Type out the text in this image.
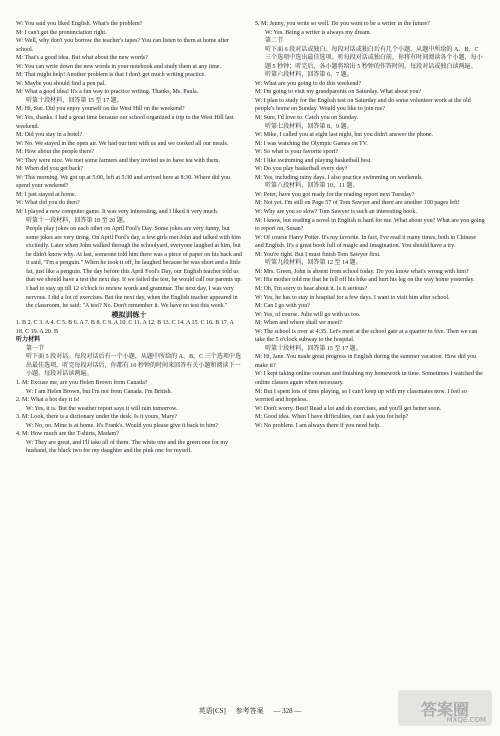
W: You said you liked English. What's the problem?

M: I can't get the pronunciation right.

W: Well, why don't you borrow the teacher's tapes? You can listen to them at home after school.

M: That's a good idea. But what about the new words?

W: You can write down the new words in your notebook and study them at any time.

M: That might help! Another problem is that I don't get much writing practice.

W: Maybe you should find a pen pal.

M: What a good idea! It's a fun way to practice writing. Thanks, Ms. Paula.

听第十段材料，回答第 15 至 17 题。

M: Hi, Sue. Did you enjoy yourself on the West Hill on the weekend?

W: Yes, thanks. I had a great time because our school organized a trip to the West Hill last weekend.

M: Did you stay in a hotel?

W: No. We stayed in the open air. We had our tent with us and we cooked all our meals.

M: How about the people there?

W: They were nice. We met some farmers and they invited us to have tea with them.

M: When did you get back?

W: This morning. We got up at 5:00, left at 5:30 and arrived here at 8:30. Where did you spend your weekend?

M: I just stayed at home.

W: What did you do then?

M: I played a new computer game. It was very interesting, and I liked it very much.

听第十一段材料，回答第 18 至 20 题。

People play jokes on each other on April Fool's Day. Some jokes are very funny, but some jokes are very tiring. On April Fool's day, a few girls met John and talked with him excitedly. Later when John walked through the schoolyard, everyone laughed at him, but he didn't know why. At last, someone told him there was a piece of paper on his back and it said, "I'm a penguin." When he took it off, he laughed because he was short and a little fat, just like a penguin. The day before this April Fool's Day, our English teacher told us that we should have a test the next day. If we failed the test, he would call our parents up. I had to stay up till 12 o'clock to review words and grammar. The next day, I was very nervous. I did a lot of exercises. But the next day, when the English teacher appeared in the classroom, he said: "A test? No. Don't remember it. We have no test this week."

模拟训练十

1. B 2. C 3. A 4. C 5. B 6. A 7. B 8. C 9. A 10. C 11. A 12. B 13. C 14. A 15. C 16. B 17. A 18. C 19. A 20. B

听力材料

第一节

听下面 5 段对话。每段对话后有一个小题，从题中所给的 A、B、C 三个选项中选出最佳选项。听完每段对话后，你都有 10 秒钟的时间来回答有关小题和阅读下一小题。每段对话读两遍。

1. M: Excuse me, are you Helen Brown from Canada?

W: I am Helen Brown, but I'm not from Canada. I'm British.

2. M: What a hot day it is!

W: Yes, it is. But the weather report says it will rain tomorrow.

3. M: Look, there is a dictionary under the desk. Is it yours, Mary?

W: No, no. Mine is at home. It's Frank's. Would you please give it back to him?

4. M: How much are the T-shirts, Madam?

W: They are great, and I'll take all of them. The white one and the green one for my husband, the black two for my daughter and the pink one for myself.

5. M: Jenny, you write so well. Do you want to be a writer in the future?

W: Yes. Being a writer is always my dream.

第二节

听下面 6 段对话或独白。每段对话或独白后有几个小题，从题中所给的 A、B、C 三个选项中选出最佳选项。听每段对话或独白前，你将有时间阅读各个小题，每小题 5 秒钟；听完后，各小题将给出 5 秒钟的作答时间。每段对话或独白读两遍。

听第六段材料，回答第 6、7 题。

W: What are you going to do this weekend?

M: I'm going to visit my grandparents on Saturday. What about you?

W: I plan to study for the English test on Saturday and do some volunteer work at the old people's home on Sunday. Would you like to join me?

M: Sure, I'd love to. Catch you on Sunday.

听第七段材料，回答第 8、9 题。

W: Mike, I called you at eight last night, but you didn't answer the phone.

M: I was watching the Olympic Games on TV.

W: So what is your favorite sport?

M: I like swimming and playing basketball best.

W: Do you play basketball every day?

M: Yes, including rainy days. I also practice swimming on weekends.

听第八段材料，回答第 10、11 题。

W: Peter, have you got ready for the reading report next Tuesday?

M: Not yet. I'm still on Page 57 of Tom Sawyer and there are another 100 pages left!

W: Why are you so slow? Tom Sawyer is such an interesting book.

M: I know, but reading a novel in English is hard for me. What about you? What are you going to report on, Susan?

W: Of course Harry Potter. It's my favorite. In fact, I've read it many times, both in Chinese and English. It's a great book full of magic and imagination. You should have a try.

M: You're right. But I must finish Tom Sawyer first.

听第九段材料，回答第 12 至 14 题。

M: Mrs. Green, John is absent from school today. Do you know what's wrong with him?

W: His mother told me that he fell off his bike and hurt his leg on the way home yesterday.

M: Oh, I'm sorry to hear about it. Is it serious?

W: Yes, he has to stay in hospital for a few days. I want to visit him after school.

M: Can I go with you?

W: Yes, of course. Julie will go with us too.

M: When and where shall we meet?

W: The school is over at 4:35. Let's meet at the school gate at a quarter to five. Then we can take the 5 o'clock subway to the hospital.

听第十段材料，回答第 15 至 17 题。

M: Hi, Jane. You made great progress in English during the summer vacation. How did you make it?

W: I kept taking online courses and finishing my homework in time. Sometimes I watched the online classes again when necessary.

M: But I spent lots of time playing, so I can't keep up with my classmates now. I feel so worried and hopeless.

W: Don't worry. Best! Read a lot and do exercises, and you'll get better soon.

M: Good idea. When I have difficulties, can I ask you for help?

W: No problem. I am always there if you need help.

英语[CS] 参考答案 — 328 —	答案圈
MXQE.COM
